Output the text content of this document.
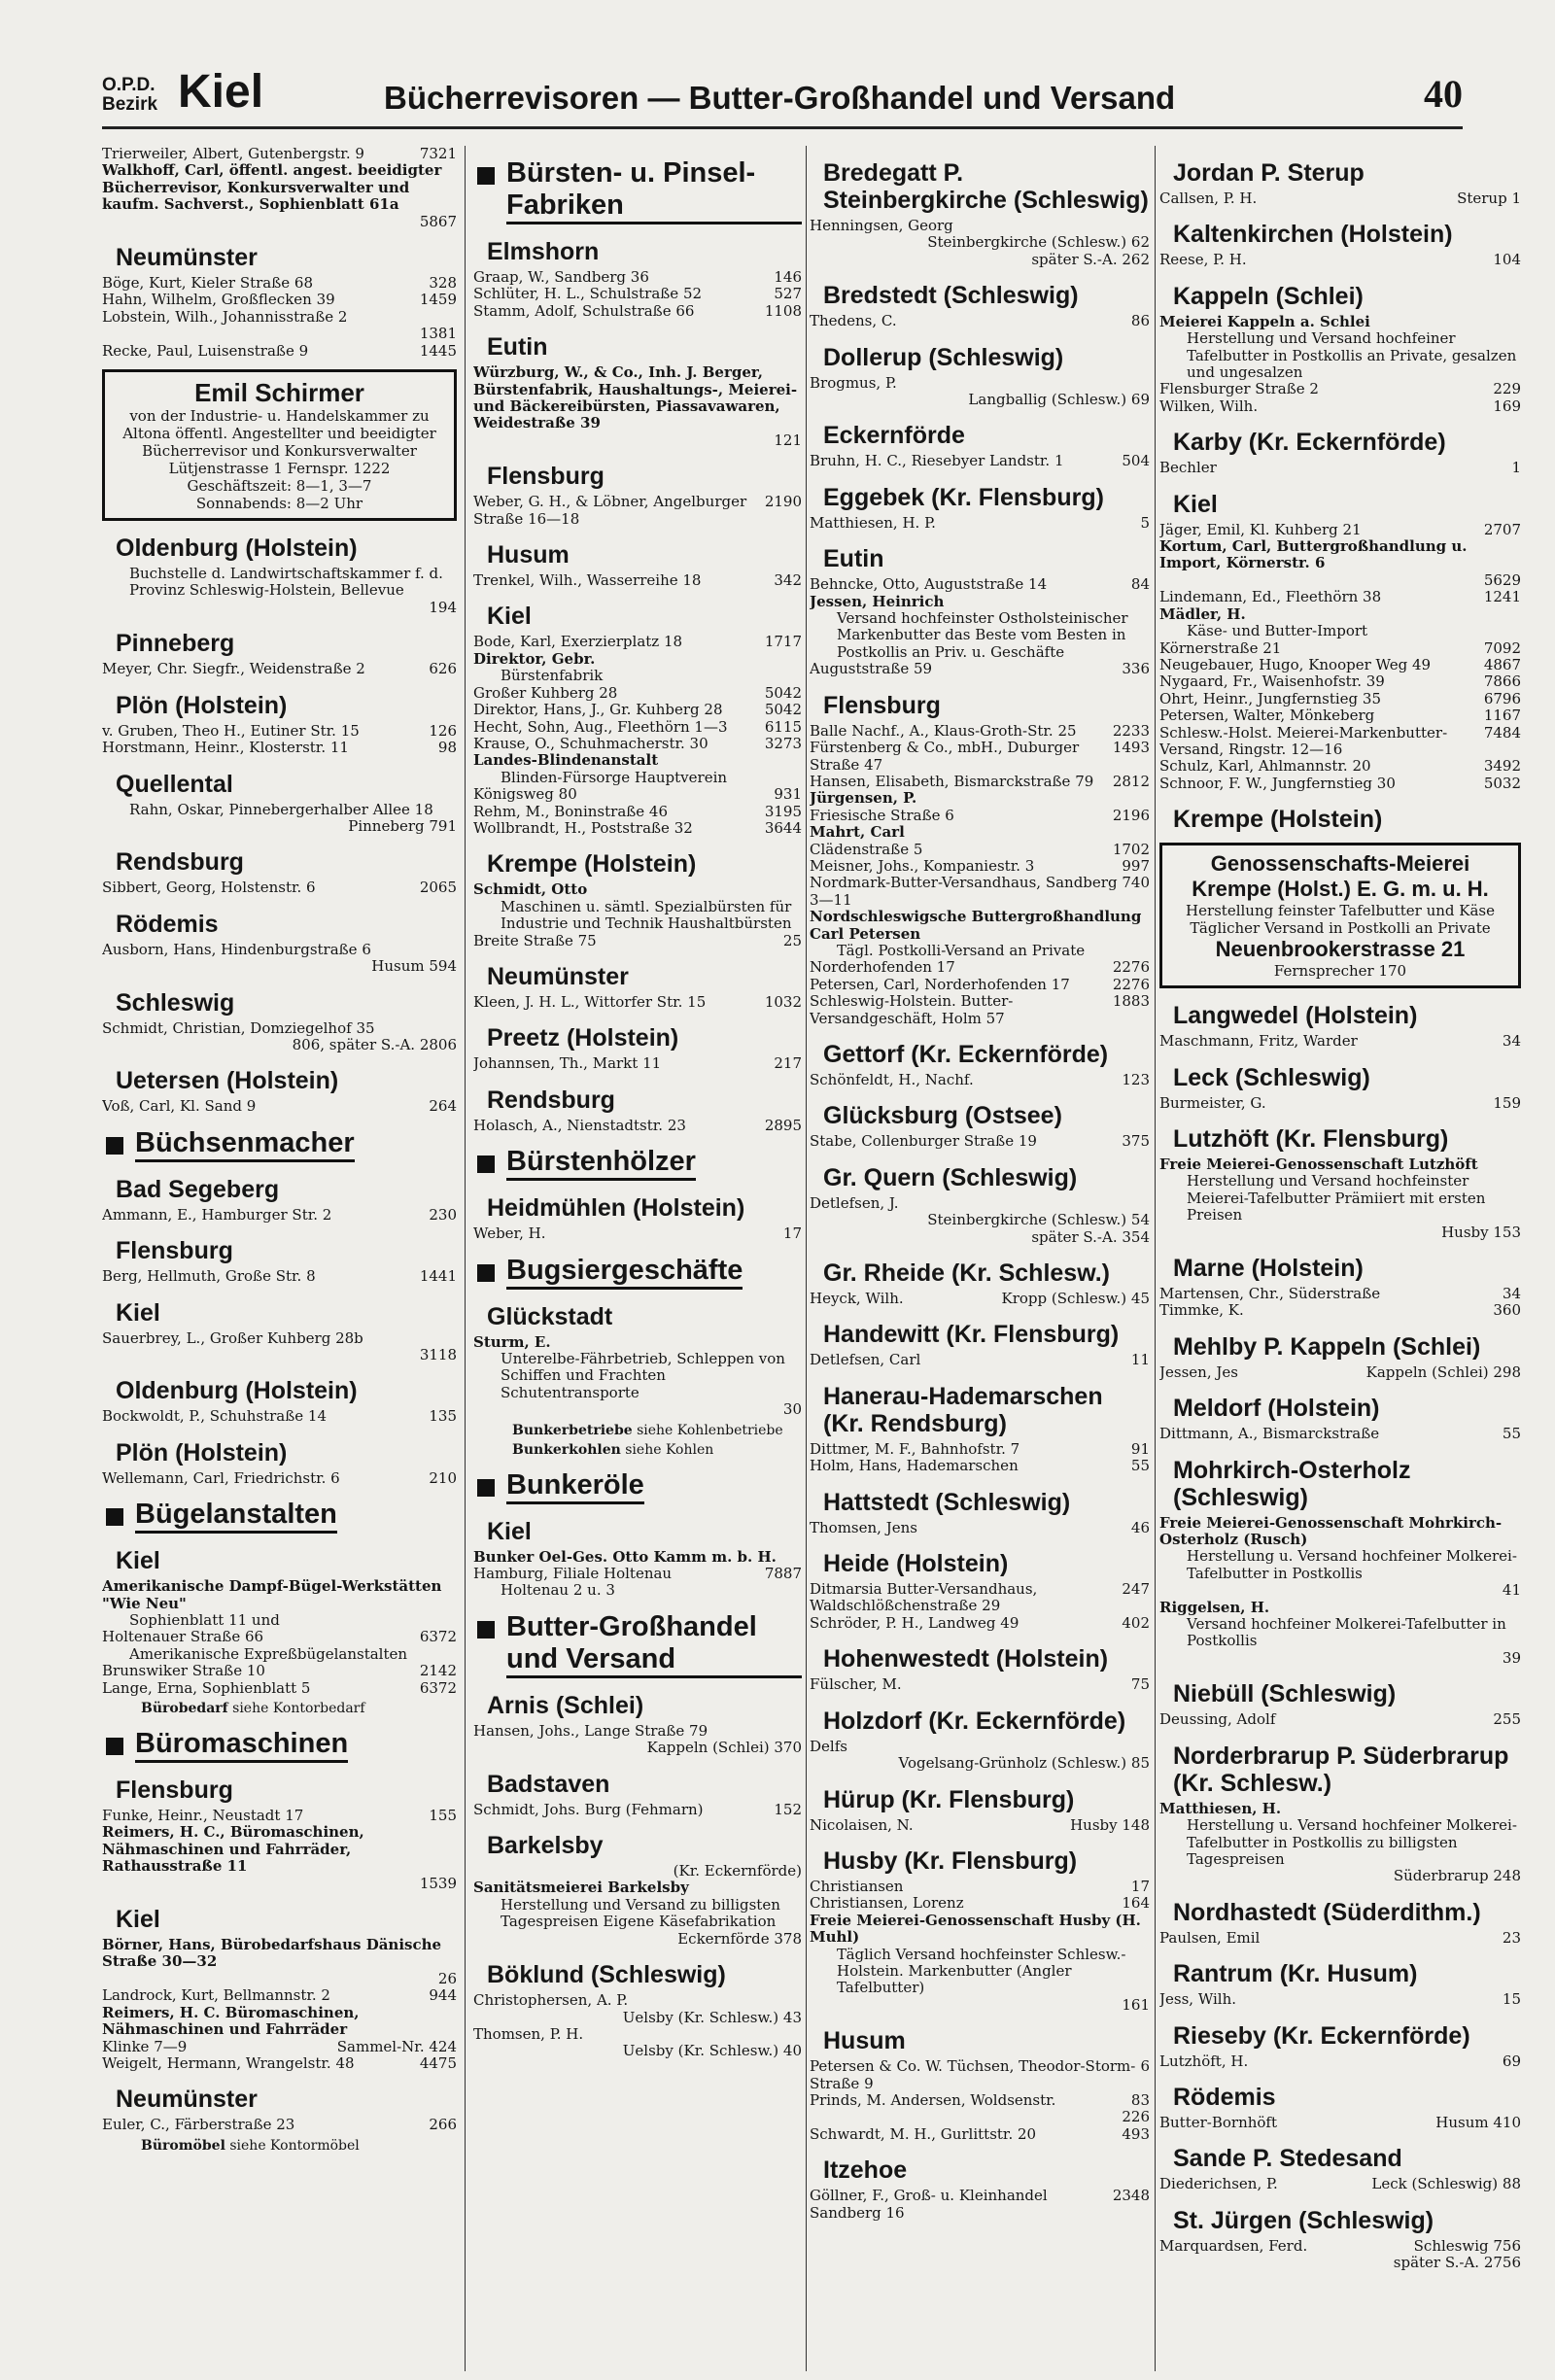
O.P.D.
Bezirk Kiel	Bücherrevisoren — Butter-Großhandel und Versand	40
Trierweiler, Albert, Gutenbergstr. 9	7321
Walkhoff, Carl, öffentl. angest. beeidigter Bücherrevisor, Konkursverwalter und kaufm. Sachverst., Sophienblatt 61a
5867
Neumünster
Böge, Kurt, Kieler Straße 68	328
Hahn, Wilhelm, Großflecken 39	1459
Lobstein, Wilh., Johannisstraße 2
1381
Recke, Paul, Luisenstraße 9	1445
Emil Schirmer
von der Industrie- u. Handelskammer zu Altona öffentl. Angestellter und beeidigter Bücherrevisor und Konkursverwalter
Lütjenstrasse 1 Fernspr. 1222
Geschäftszeit: 8—1, 3—7
Sonnabends: 8—2 Uhr
Oldenburg (Holstein)
Buchstelle d. Landwirtschaftskammer f. d. Provinz Schleswig-Holstein, Bellevue
194
Pinneberg
Meyer, Chr. Siegfr., Weidenstraße 2	626
Plön (Holstein)
v. Gruben, Theo H., Eutiner Str. 15	126
Horstmann, Heinr., Klosterstr. 11	98
Quellental
Rahn, Oskar, Pinnebergerhalber Allee 18
Pinneberg 791
Rendsburg
Sibbert, Georg, Holstenstr. 6	2065
Rödemis
Ausborn, Hans, Hindenburgstraße 6
Husum 594
Schleswig
Schmidt, Christian, Domziegelhof 35
806, später S.-A. 2806
Uetersen (Holstein)
Voß, Carl, Kl. Sand 9	264
Büchsenmacher
Bad Segeberg
Ammann, E., Hamburger Str. 2	230
Flensburg
Berg, Hellmuth, Große Str. 8	1441
Kiel
Sauerbrey, L., Großer Kuhberg 28b
3118
Oldenburg (Holstein)
Bockwoldt, P., Schuhstraße 14	135
Plön (Holstein)
Wellemann, Carl, Friedrichstr. 6	210
Bügelanstalten
Kiel
Amerikanische Dampf-Bügel-Werkstätten "Wie Neu"
Sophienblatt 11 und
Holtenauer Straße 66	6372
Amerikanische Expreßbügelanstalten
Brunswiker Straße 10	2142
Lange, Erna, Sophienblatt 5	6372
Bürobedarf siehe Kontorbedarf
Büromaschinen
Flensburg
Funke, Heinr., Neustadt 17	155
Reimers, H. C., Büromaschinen, Nähmaschinen und Fahrräder, Rathausstraße 11
1539
Kiel
Börner, Hans, Bürobedarfshaus Dänische Straße 30—32
26
Landrock, Kurt, Bellmannstr. 2	944
Reimers, H. C. Büromaschinen, Nähmaschinen und Fahrräder
Klinke 7—9	Sammel-Nr. 424
Weigelt, Hermann, Wrangelstr. 48	4475
Neumünster
Euler, C., Färberstraße 23	266
Büromöbel siehe Kontormöbel
Bürsten- u. Pinsel-Fabriken
Elmshorn
Graap, W., Sandberg 36	146
Schlüter, H. L., Schulstraße 52	527
Stamm, Adolf, Schulstraße 66	1108
Eutin
Würzburg, W., & Co., Inh. J. Berger, Bürstenfabrik, Haushaltungs-, Meierei- und Bäckereibürsten, Piassavawaren, Weidestraße 39
121
Flensburg
Weber, G. H., & Löbner, Angelburger Straße 16—18
2190
Husum
Trenkel, Wilh., Wasserreihe 18	342
Kiel
Bode, Karl, Exerzierplatz 18	1717
Direktor, Gebr.
Bürstenfabrik
Großer Kuhberg 28	5042
Direktor, Hans, J., Gr. Kuhberg 28	5042
Hecht, Sohn, Aug., Fleethörn 1—3	6115
Krause, O., Schuhmacherstr. 30	3273
Landes-Blindenanstalt
Blinden-Fürsorge Hauptverein
Königsweg 80	931
Rehm, M., Boninstraße 46	3195
Wollbrandt, H., Poststraße 32	3644
Krempe (Holstein)
Schmidt, Otto
Maschinen u. sämtl. Spezialbürsten für Industrie und Technik Haushaltbürsten
Breite Straße 75	25
Neumünster
Kleen, J. H. L., Wittorfer Str. 15	1032
Preetz (Holstein)
Johannsen, Th., Markt 11	217
Rendsburg
Holasch, A., Nienstadtstr. 23	2895
Bürstenhölzer
Heidmühlen (Holstein)
Weber, H.	17
Bugsiergeschäfte
Glückstadt
Sturm, E.
Unterelbe-Fährbetrieb, Schleppen von Schiffen und Frachten Schutentransporte
30
Bunkerbetriebe siehe Kohlenbetriebe
Bunkerkohlen siehe Kohlen
Bunkeröle
Kiel
Bunker Oel-Ges. Otto Kamm m. b. H.
Hamburg, Filiale Holtenau	7887
Holtenau 2 u. 3
Butter-Großhandel und Versand
Arnis (Schlei)
Hansen, Johs., Lange Straße 79
Kappeln (Schlei) 370
Badstaven
Schmidt, Johs. Burg (Fehmarn)	152
Barkelsby
(Kr. Eckernförde)
Sanitätsmeierei Barkelsby
Herstellung und Versand zu billigsten Tagespreisen Eigene Käsefabrikation
Eckernförde 378
Böklund (Schleswig)
Christophersen, A. P.
Uelsby (Kr. Schlesw.) 43
Thomsen, P. H.
Uelsby (Kr. Schlesw.) 40
Bredegatt P. Steinbergkirche (Schleswig)
Henningsen, Georg
Steinbergkirche (Schlesw.) 62
später S.-A. 262
Bredstedt (Schleswig)
Thedens, C.	86
Dollerup (Schleswig)
Brogmus, P.
Langballig (Schlesw.) 69
Eckernförde
Bruhn, H. C., Riesebyer Landstr. 1	504
Eggebek (Kr. Flensburg)
Matthiesen, H. P.	5
Eutin
Behncke, Otto, Auguststraße 14	84
Jessen, Heinrich
Versand hochfeinster Ostholsteinischer Markenbutter das Beste vom Besten in Postkollis an Priv. u. Geschäfte
Auguststraße 59	336
Flensburg
Balle Nachf., A., Klaus-Groth-Str. 25	2233
Fürstenberg & Co., mbH., Duburger Straße 47
1493
Hansen, Elisabeth, Bismarckstraße 79	2812
Jürgensen, P.
Friesische Straße 6	2196
Mahrt, Carl
Clädenstraße 5	1702
Meisner, Johs., Kompaniestr. 3	997
Nordmark-Butter-Versandhaus, Sandberg 3—11
740
Nordschleswigsche Buttergroßhandlung Carl Petersen
Tägl. Postkolli-Versand an Private
Norderhofenden 17	2276
Petersen, Carl, Norderhofenden 17	2276
Schleswig-Holstein. Butter-Versandgeschäft, Holm 57
1883
Gettorf (Kr. Eckernförde)
Schönfeldt, H., Nachf.	123
Glücksburg (Ostsee)
Stabe, Collenburger Straße 19	375
Gr. Quern (Schleswig)
Detlefsen, J.
Steinbergkirche (Schlesw.) 54
später S.-A. 354
Gr. Rheide (Kr. Schlesw.)
Heyck, Wilh.	Kropp (Schlesw.) 45
Handewitt (Kr. Flensburg)
Detlefsen, Carl	11
Hanerau-Hademarschen (Kr. Rendsburg)
Dittmer, M. F., Bahnhofstr. 7	91
Holm, Hans, Hademarschen	55
Hattstedt (Schleswig)
Thomsen, Jens	46
Heide (Holstein)
Ditmarsia Butter-Versandhaus, Waldschlößchenstraße 29
247
Schröder, P. H., Landweg 49	402
Hohenwestedt (Holstein)
Fülscher, M.	75
Holzdorf (Kr. Eckernförde)
Delfs
Vogelsang-Grünholz (Schlesw.) 85
Hürup (Kr. Flensburg)
Nicolaisen, N.	Husby 148
Husby (Kr. Flensburg)
Christiansen	17
Christiansen, Lorenz	164
Freie Meierei-Genossenschaft Husby (H. Muhl)
Täglich Versand hochfeinster Schlesw.-Holstein. Markenbutter (Angler Tafelbutter)
161
Husum
Petersen & Co. W. Tüchsen, Theodor-Storm-Straße 9
6
Prinds, M. Andersen, Woldsenstr.	83
226
Schwardt, M. H., Gurlittstr. 20	493
Itzehoe
Göllner, F., Groß- u. Kleinhandel Sandberg 16
2348
Jordan P. Sterup
Callsen, P. H.	Sterup 1
Kaltenkirchen (Holstein)
Reese, P. H.	104
Kappeln (Schlei)
Meierei Kappeln a. Schlei
Herstellung und Versand hochfeiner Tafelbutter in Postkollis an Private, gesalzen und ungesalzen
Flensburger Straße 2	229
Wilken, Wilh.	169
Karby (Kr. Eckernförde)
Bechler	1
Kiel
Jäger, Emil, Kl. Kuhberg 21	2707
Kortum, Carl, Buttergroßhandlung u. Import, Körnerstr. 6
5629
Lindemann, Ed., Fleethörn 38	1241
Mädler, H.
Käse- und Butter-Import
Körnerstraße 21	7092
Neugebauer, Hugo, Knooper Weg 49	4867
Nygaard, Fr., Waisenhofstr. 39	7866
Ohrt, Heinr., Jungfernstieg 35	6796
Petersen, Walter, Mönkeberg	1167
Schlesw.-Holst. Meierei-Markenbutter-Versand, Ringstr. 12—16
7484
Schulz, Karl, Ahlmannstr. 20	3492
Schnoor, F. W., Jungfernstieg 30	5032
Krempe (Holstein)
Genossenschafts-Meierei
Krempe (Holst.) E. G. m. u. H.
Herstellung feinster Tafelbutter und Käse
Täglicher Versand in Postkolli an Private
Neuenbrookerstrasse 21
Fernsprecher 170
Langwedel (Holstein)
Maschmann, Fritz, Warder	34
Leck (Schleswig)
Burmeister, G.	159
Lutzhöft (Kr. Flensburg)
Freie Meierei-Genossenschaft Lutzhöft
Herstellung und Versand hochfeinster Meierei-Tafelbutter Prämiiert mit ersten Preisen
Husby 153
Marne (Holstein)
Martensen, Chr., Süderstraße	34
Timmke, K.	360
Mehlby P. Kappeln (Schlei)
Jessen, Jes	Kappeln (Schlei) 298
Meldorf (Holstein)
Dittmann, A., Bismarckstraße	55
Mohrkirch-Osterholz (Schleswig)
Freie Meierei-Genossenschaft Mohrkirch-Osterholz (Rusch)
Herstellung u. Versand hochfeiner Molkerei-Tafelbutter in Postkollis
41
Riggelsen, H.
Versand hochfeiner Molkerei-Tafelbutter in Postkollis
39
Niebüll (Schleswig)
Deussing, Adolf	255
Norderbrarup P. Süderbrarup (Kr. Schlesw.)
Matthiesen, H.
Herstellung u. Versand hochfeiner Molkerei-Tafelbutter in Postkollis zu billigsten Tagespreisen
Süderbrarup 248
Nordhastedt (Süderdithm.)
Paulsen, Emil	23
Rantrum (Kr. Husum)
Jess, Wilh.	15
Rieseby (Kr. Eckernförde)
Lutzhöft, H.	69
Rödemis
Butter-Bornhöft	Husum 410
Sande P. Stedesand
Diederichsen, P.	Leck (Schleswig) 88
St. Jürgen (Schleswig)
Marquardsen, Ferd.	Schleswig 756
später S.-A. 2756
